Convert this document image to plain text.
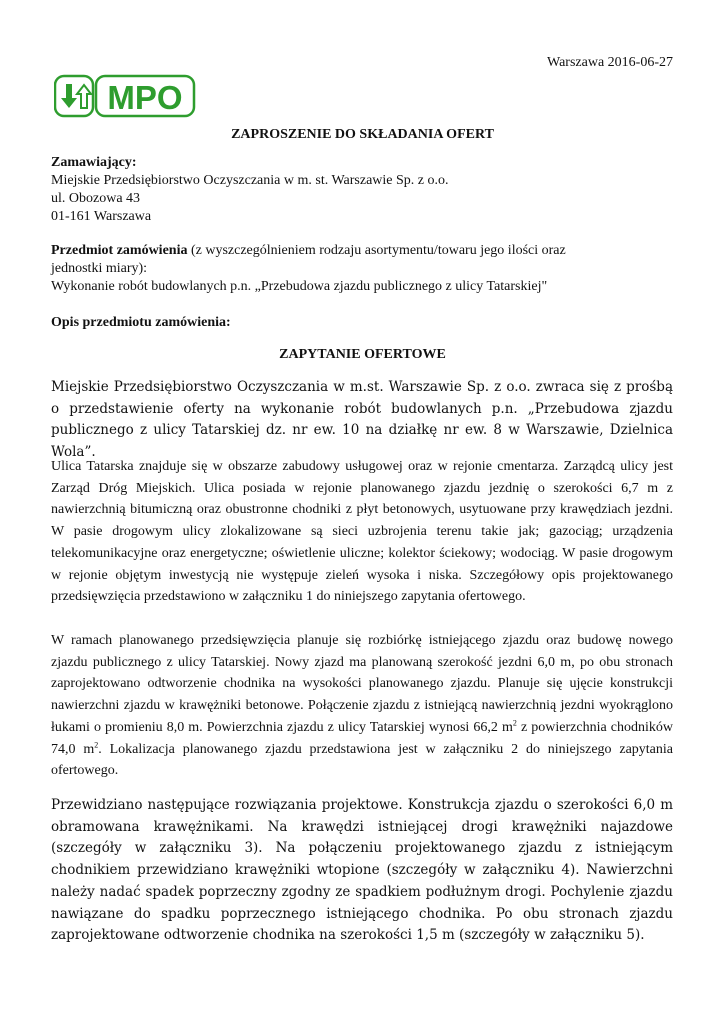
Warszawa 2016-06-27
MPO
ZAPROSZENIE DO SKŁADANIA OFERT
Zamawiający:
Miejskie Przedsiębiorstwo Oczyszczania w m. st. Warszawie Sp. z o.o.
ul. Obozowa 43
01-161 Warszawa
Przedmiot zamówienia (z wyszczególnieniem rodzaju asortymentu/towaru jego ilości oraz
jednostki miary):
Wykonanie robót budowlanych p.n. „Przebudowa zjazdu publicznego z ulicy Tatarskiej"
Opis przedmiotu zamówienia:
ZAPYTANIE OFERTOWE
Miejskie Przedsiębiorstwo Oczyszczania w m.st. Warszawie Sp. z o.o. zwraca się z prośbą o przedstawienie oferty na wykonanie robót budowlanych p.n. „Przebudowa zjazdu publicznego z ulicy Tatarskiej dz. nr ew. 10 na działkę nr ew. 8 w Warszawie, Dzielnica Wola”.
Ulica Tatarska znajduje się w obszarze zabudowy usługowej oraz w rejonie cmentarza. Zarządcą ulicy jest Zarząd Dróg Miejskich. Ulica posiada w rejonie planowanego zjazdu jezdnię o szerokości 6,7 m z nawierzchnią bitumiczną oraz obustronne chodniki z płyt betonowych, usytuowane przy krawędziach jezdni. W pasie drogowym ulicy zlokalizowane są sieci uzbrojenia terenu takie jak; gazociąg; urządzenia telekomunikacyjne oraz energetyczne; oświetlenie uliczne; kolektor ściekowy; wodociąg. W pasie drogowym w rejonie objętym inwestycją nie występuje zieleń wysoka i niska. Szczegółowy opis projektowanego przedsięwzięcia przedstawiono w załączniku 1 do niniejszego zapytania ofertowego.
W ramach planowanego przedsięwzięcia planuje się rozbiórkę istniejącego zjazdu oraz budowę nowego zjazdu publicznego z ulicy Tatarskiej. Nowy zjazd ma planowaną szerokość jezdni 6,0 m, po obu stronach zaprojektowano odtworzenie chodnika na wysokości planowanego zjazdu. Planuje się ujęcie konstrukcji nawierzchni zjazdu w krawężniki betonowe. Połączenie zjazdu z istniejącą nawierzchnią jezdni wyokrąglono łukami o promieniu 8,0 m. Powierzchnia zjazdu z ulicy Tatarskiej wynosi 66,2 $m^2$ z powierzchnia chodników 74,0 $m^2$. Lokalizacja planowanego zjazdu przedstawiona jest w załączniku 2 do niniejszego zapytania ofertowego.
Przewidziano następujące rozwiązania projektowe. Konstrukcja zjazdu o szerokości 6,0 m obramowana krawężnikami. Na krawędzi istniejącej drogi krawężniki najazdowe (szczegóły w załączniku 3). Na połączeniu projektowanego zjazdu z istniejącym chodnikiem przewidziano krawężniki wtopione (szczegóły w załączniku 4). Nawierzchni należy nadać spadek poprzeczny zgodny ze spadkiem podłużnym drogi. Pochylenie zjazdu nawiązane do spadku poprzecznego istniejącego chodnika. Po obu stronach zjazdu zaprojektowane odtworzenie chodnika na szerokości 1,5 m (szczegóły w załączniku 5).
